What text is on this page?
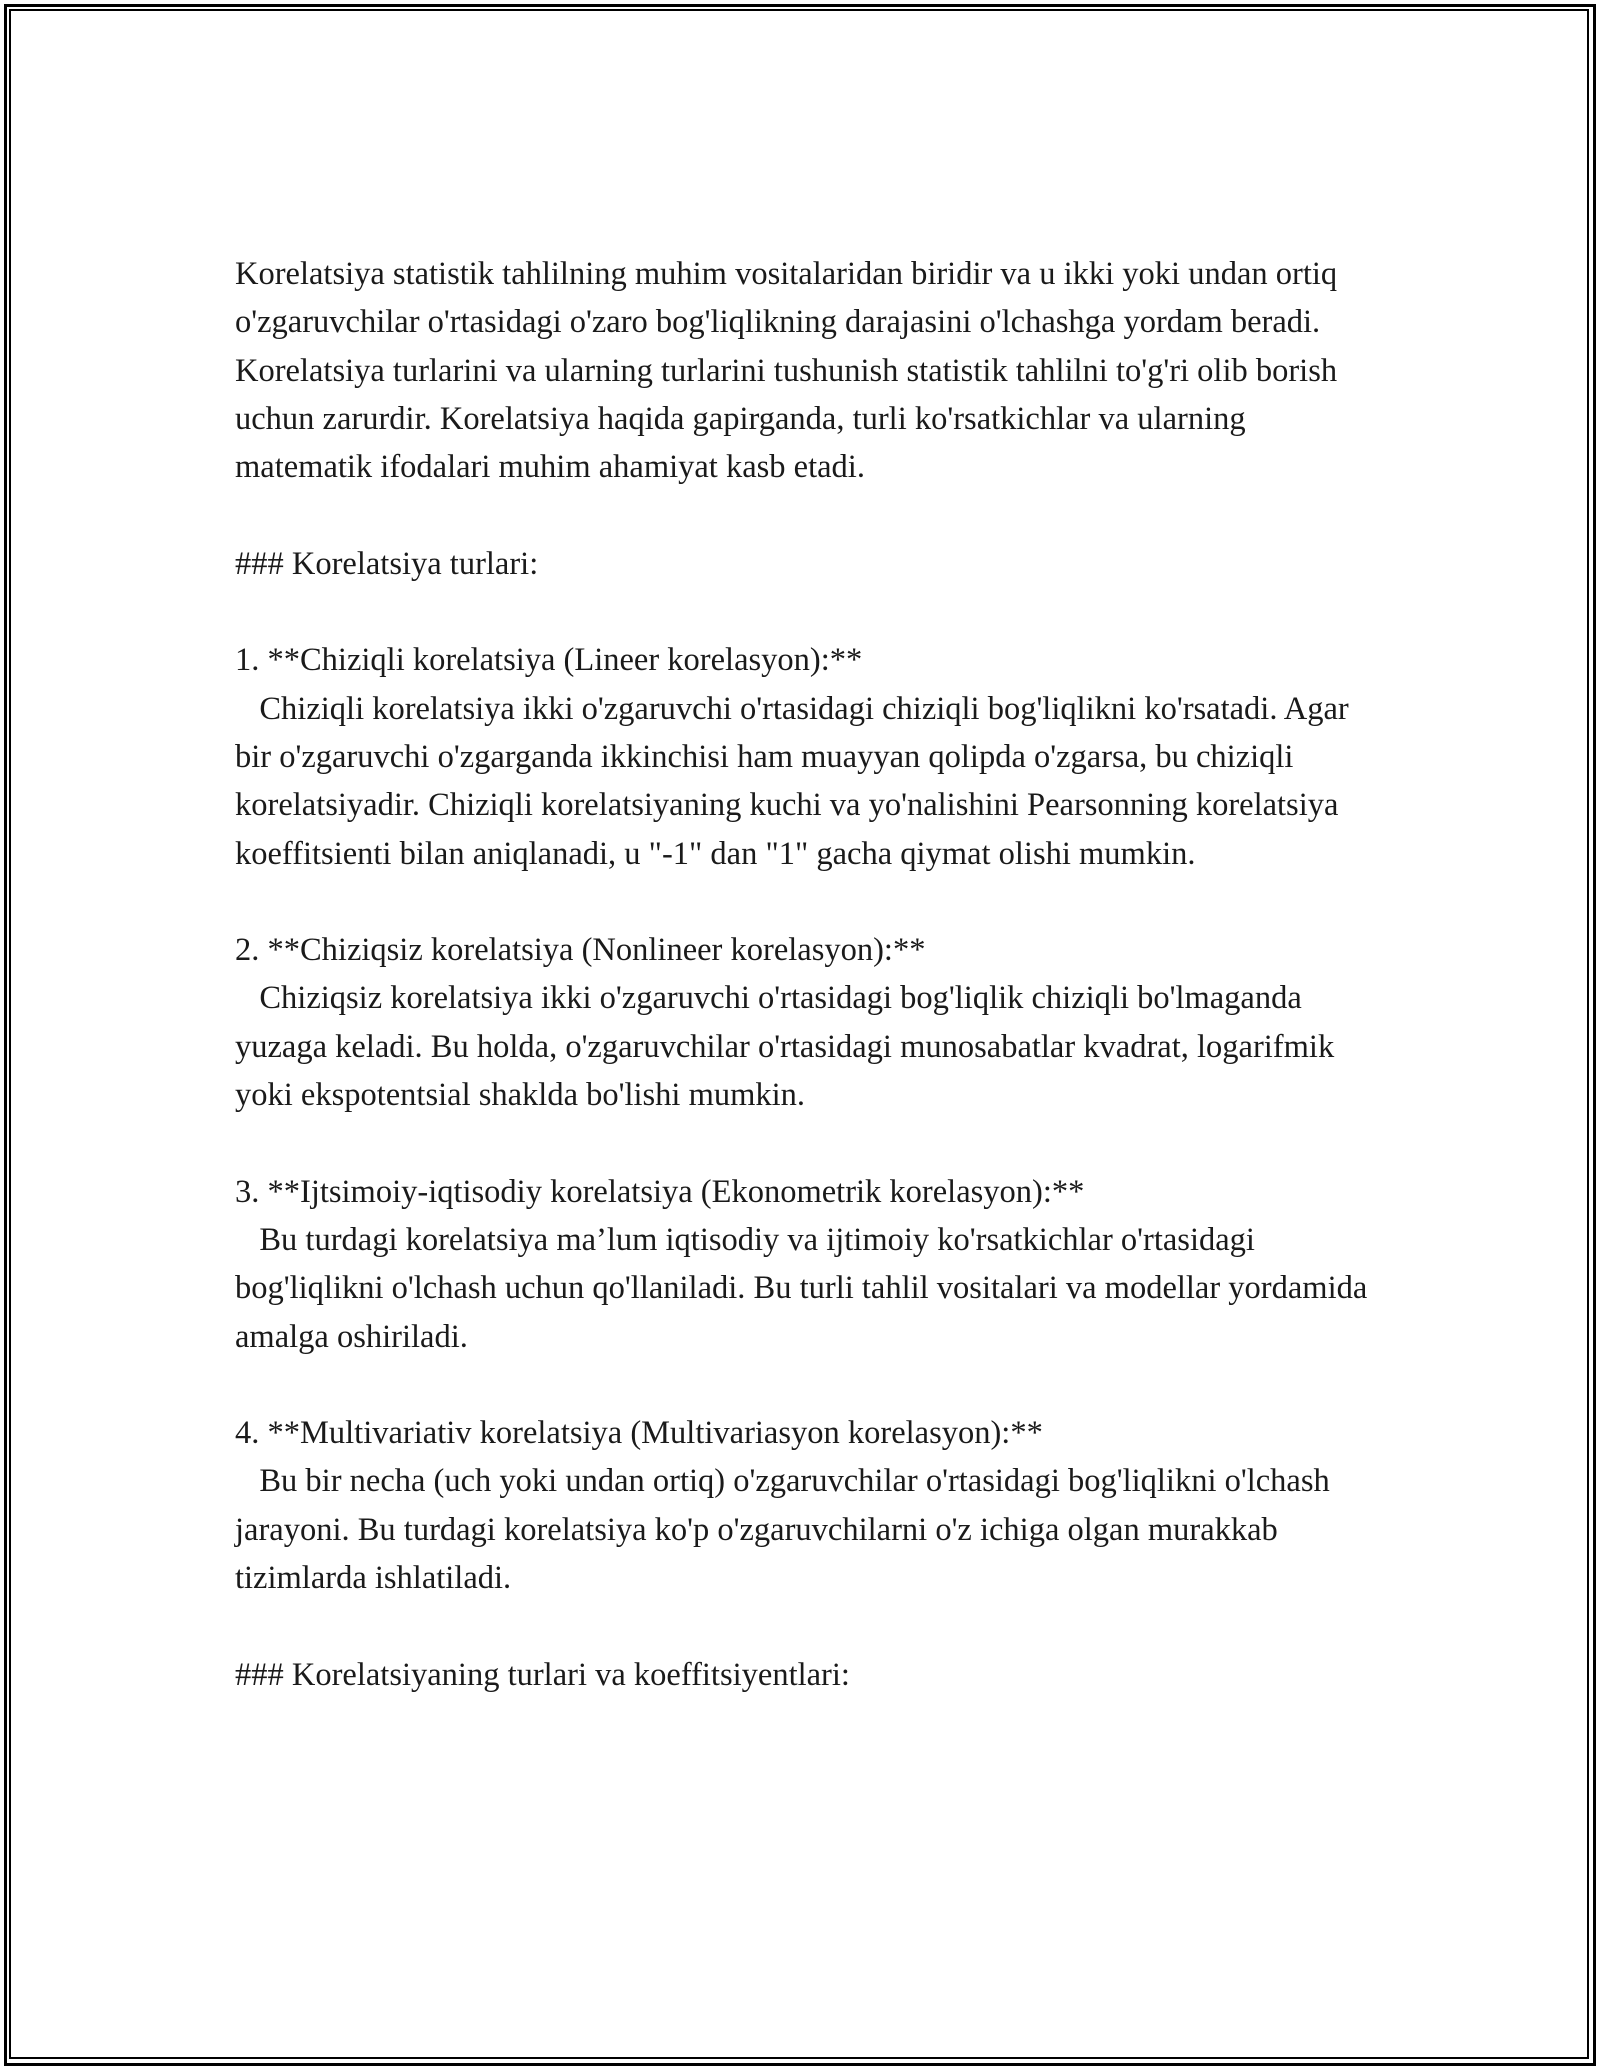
Korelatsiya statistik tahlilning muhim vositalaridan biridir va u ikki yoki undan ortiq o'zgaruvchilar o'rtasidagi o'zaro bog'liqlikning darajasini o'lchashga yordam beradi. Korelatsiya turlarini va ularning turlarini tushunish statistik tahlilni to'g'ri olib borish uchun zarurdir. Korelatsiya haqida gapirganda, turli ko'rsatkichlar va ularning matematik ifodalari muhim ahamiyat kasb etadi.

### Korelatsiya turlari:

1. **Chiziqli korelatsiya (Lineer korelasyon):**
Chiziqli korelatsiya ikki o'zgaruvchi o'rtasidagi chiziqli bog'liqlikni ko'rsatadi. Agar bir o'zgaruvchi o'zgarganda ikkinchisi ham muayyan qolipda o'zgarsa, bu chiziqli korelatsiyadir. Chiziqli korelatsiyaning kuchi va yo'nalishini Pearsonning korelatsiya koeffitsienti bilan aniqlanadi, u "-1" dan "1" gacha qiymat olishi mumkin.

2. **Chiziqsiz korelatsiya (Nonlineer korelasyon):**
Chiziqsiz korelatsiya ikki o'zgaruvchi o'rtasidagi bog'liqlik chiziqli bo'lmaganda yuzaga keladi. Bu holda, o'zgaruvchilar o'rtasidagi munosabatlar kvadrat, logarifmik yoki ekspotentsial shaklda bo'lishi mumkin.

3. **Ijtsimoiy-iqtisodiy korelatsiya (Ekonometrik korelasyon):**
Bu turdagi korelatsiya ma’lum iqtisodiy va ijtimoiy ko'rsatkichlar o'rtasidagi bog'liqlikni o'lchash uchun qo'llaniladi. Bu turli tahlil vositalari va modellar yordamida amalga oshiriladi.

4. **Multivariativ korelatsiya (Multivariasyon korelasyon):**
Bu bir necha (uch yoki undan ortiq) o'zgaruvchilar o'rtasidagi bog'liqlikni o'lchash jarayoni. Bu turdagi korelatsiya ko'p o'zgaruvchilarni o'z ichiga olgan murakkab tizimlarda ishlatiladi.

### Korelatsiyaning turlari va koeffitsiyentlari:
